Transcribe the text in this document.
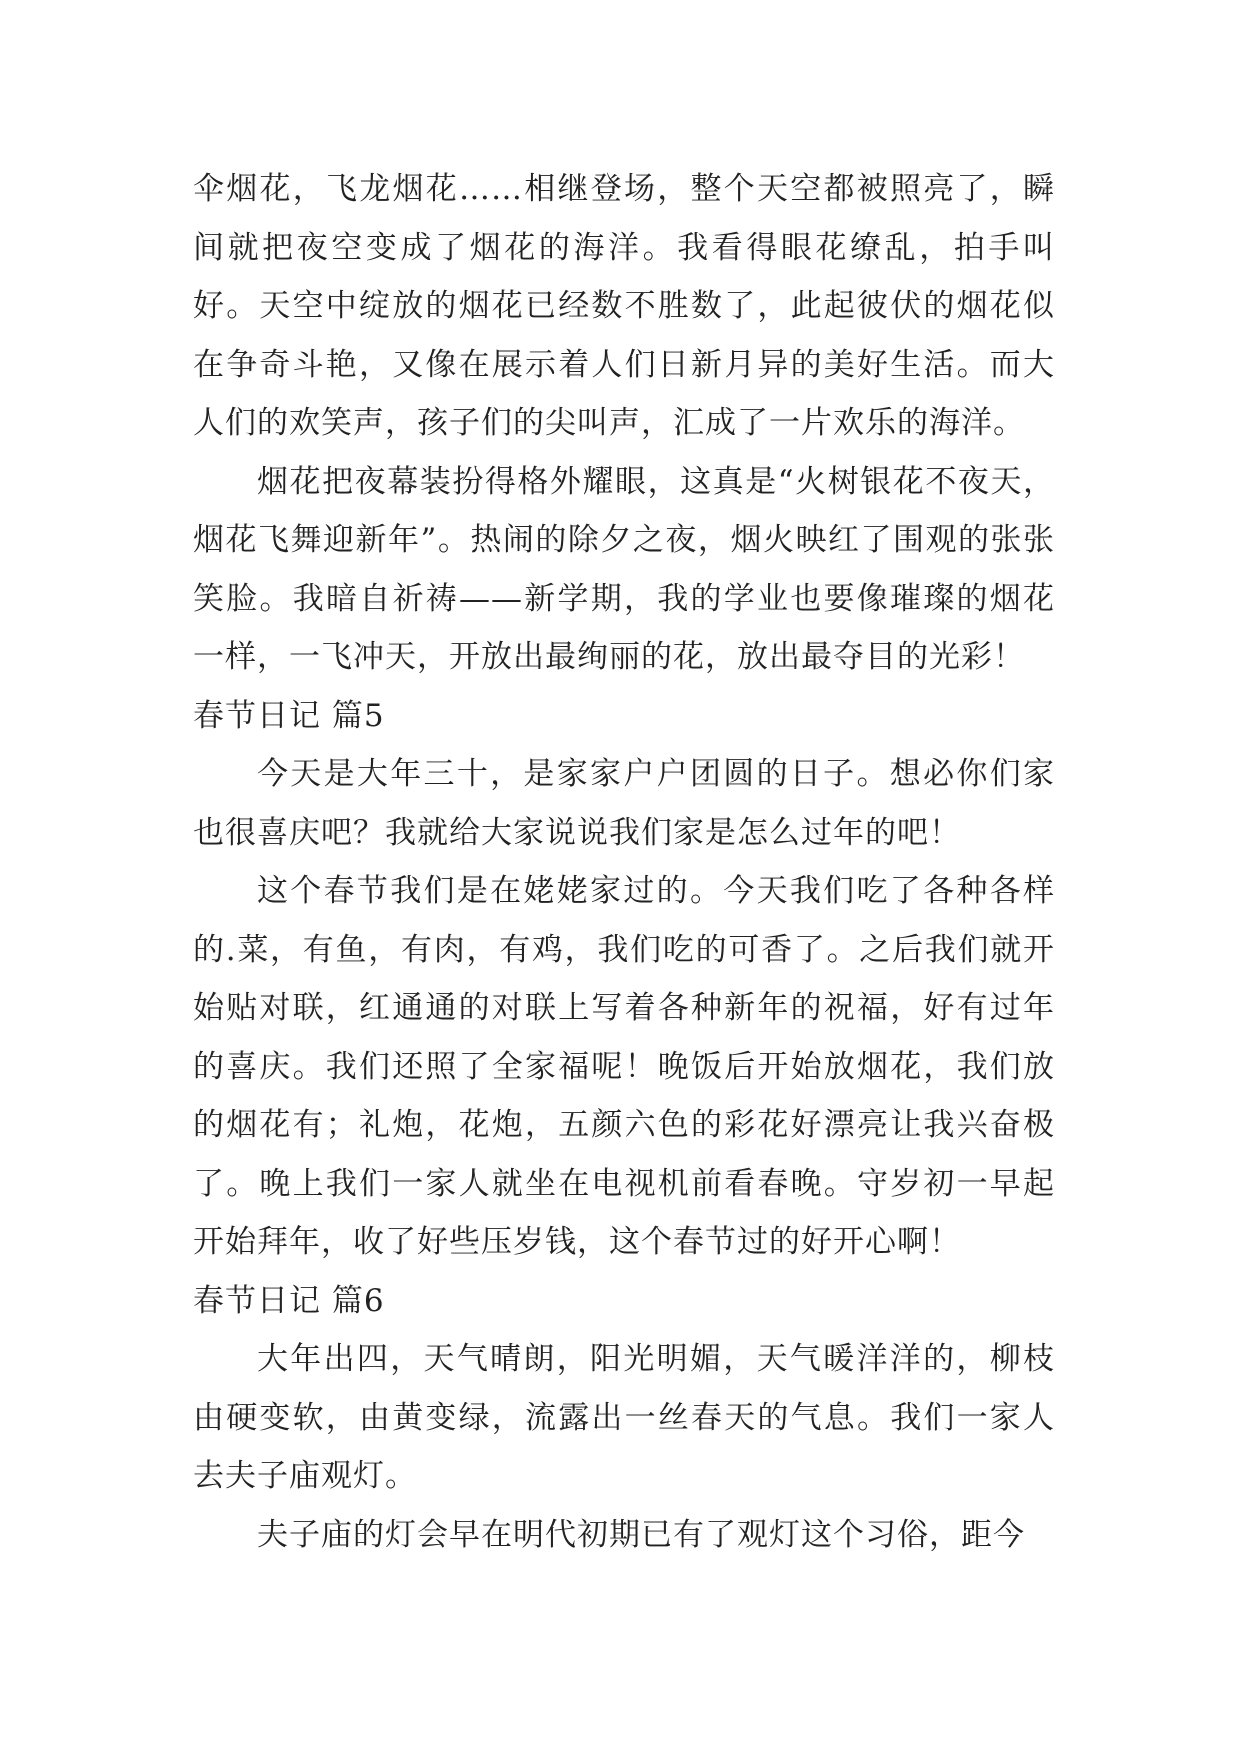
伞烟花，飞龙烟花……相继登场，整个天空都被照亮了，瞬间就把夜空变成了烟花的海洋。我看得眼花缭乱，拍手叫好。天空中绽放的烟花已经数不胜数了，此起彼伏的烟花似在争奇斗艳，又像在展示着人们日新月异的美好生活。而大人们的欢笑声，孩子们的尖叫声，汇成了一片欢乐的海洋。

烟花把夜幕装扮得格外耀眼，这真是“火树银花不夜天，烟花飞舞迎新年”。热闹的除夕之夜，烟火映红了围观的张张笑脸。我暗自祈祷——新学期，我的学业也要像璀璨的烟花一样，一飞冲天，开放出最绚丽的花，放出最夺目的光彩！

春节日记 篇5

今天是大年三十，是家家户户团圆的日子。想必你们家也很喜庆吧？我就给大家说说我们家是怎么过年的吧！

这个春节我们是在姥姥家过的。今天我们吃了各种各样的.菜，有鱼，有肉，有鸡，我们吃的可香了。之后我们就开始贴对联，红通通的对联上写着各种新年的祝福，好有过年的喜庆。我们还照了全家福呢！晚饭后开始放烟花，我们放的烟花有；礼炮，花炮，五颜六色的彩花好漂亮让我兴奋极了。晚上我们一家人就坐在电视机前看春晚。守岁初一早起开始拜年，收了好些压岁钱，这个春节过的好开心啊！

春节日记 篇6

大年出四，天气晴朗，阳光明媚，天气暖洋洋的，柳枝由硬变软，由黄变绿，流露出一丝春天的气息。我们一家人去夫子庙观灯。

夫子庙的灯会早在明代初期已有了观灯这个习俗，距今
